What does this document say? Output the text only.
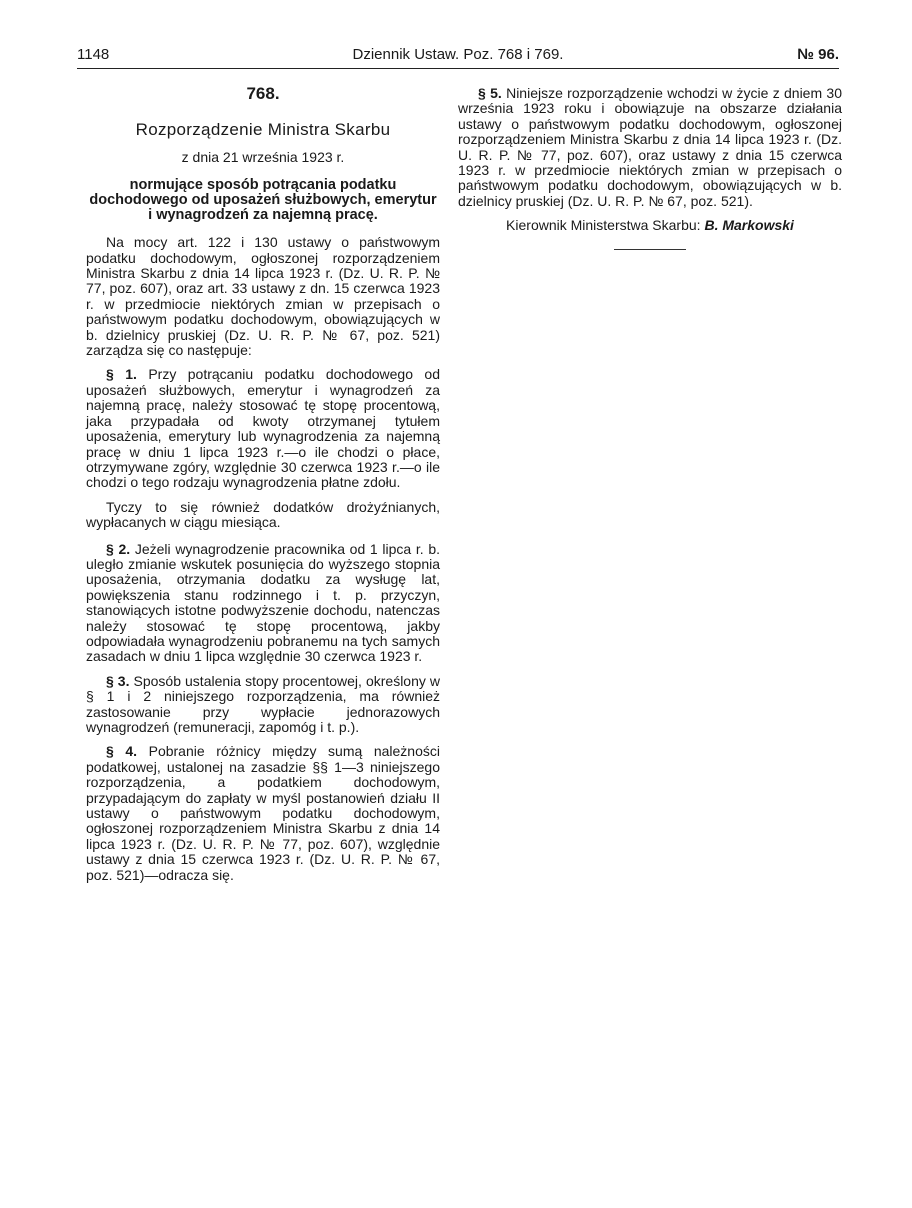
1148	Dziennik Ustaw. Poz. 768 i 769.	№ 96.
768.
Rozporządzenie Ministra Skarbu
z dnia 21 września 1923 r.
normujące sposób potrącania podatku dochodowego od uposażeń służbowych, emerytur i wynagrodzeń za najemną pracę.

Na mocy art. 122 i 130 ustawy o państwowym podatku dochodowym, ogłoszonej rozporządzeniem Ministra Skarbu z dnia 14 lipca 1923 r. (Dz. U. R. P. № 77, poz. 607), oraz art. 33 ustawy z dn. 15 czerwca 1923 r. w przedmiocie niektórych zmian w przepisach o państwowym podatku dochodowym, obowiązujących w b. dzielnicy pruskiej (Dz. U. R. P. № 67, poz. 521) zarządza się co następuje:

§ 1. Przy potrącaniu podatku dochodowego od uposażeń służbowych, emerytur i wynagrodzeń za najemną pracę, należy stosować tę stopę procentową, jaka przypadała od kwoty otrzymanej tytułem uposażenia, emerytury lub wynagrodzenia za najemną pracę w dniu 1 lipca 1923 r.—o ile chodzi o płace, otrzymywane zgóry, względnie 30 czerwca 1923 r.—o ile chodzi o tego rodzaju wynagrodzenia płatne zdołu.

Tyczy to się również dodatków drożyźnianych, wypłacanych w ciągu miesiąca.

§ 2. Jeżeli wynagrodzenie pracownika od 1 lipca r. b. uległo zmianie wskutek posunięcia do wyższego stopnia uposażenia, otrzymania dodatku za wysługę lat, powiększenia stanu rodzinnego i t. p. przyczyn, stanowiących istotne podwyższenie dochodu, natenczas należy stosować tę stopę procentową, jakby odpowiadała wynagrodzeniu pobranemu na tych samych zasadach w dniu 1 lipca względnie 30 czerwca 1923 r.

§ 3. Sposób ustalenia stopy procentowej, określony w § 1 i 2 niniejszego rozporządzenia, ma również zastosowanie przy wypłacie jednorazowych wynagrodzeń (remuneracji, zapomóg i t. p.).

§ 4. Pobranie różnicy między sumą należności podatkowej, ustalonej na zasadzie §§ 1—3 niniejszego rozporządzenia, a podatkiem dochodowym, przypadającym do zapłaty w myśl postanowień działu II ustawy o państwowym podatku dochodowym, ogłoszonej rozporządzeniem Ministra Skarbu z dnia 14 lipca 1923 r. (Dz. U. R. P. № 77, poz. 607), względnie ustawy z dnia 15 czerwca 1923 r. (Dz. U. R. P. № 67, poz. 521)—odracza się.

§ 5. Niniejsze rozporządzenie wchodzi w życie z dniem 30 września 1923 roku i obowiązuje na obszarze działania ustawy o państwowym podatku dochodowym, ogłoszonej rozporządzeniem Ministra Skarbu z dnia 14 lipca 1923 r. (Dz. U. R. P. № 77, poz. 607), oraz ustawy z dnia 15 czerwca 1923 r. w przedmiocie niektórych zmian w przepisach o państwowym podatku dochodowym, obowiązujących w b. dzielnicy pruskiej (Dz. U. R. P. № 67, poz. 521).

Kierownik Ministerstwa Skarbu: B. Markowski
